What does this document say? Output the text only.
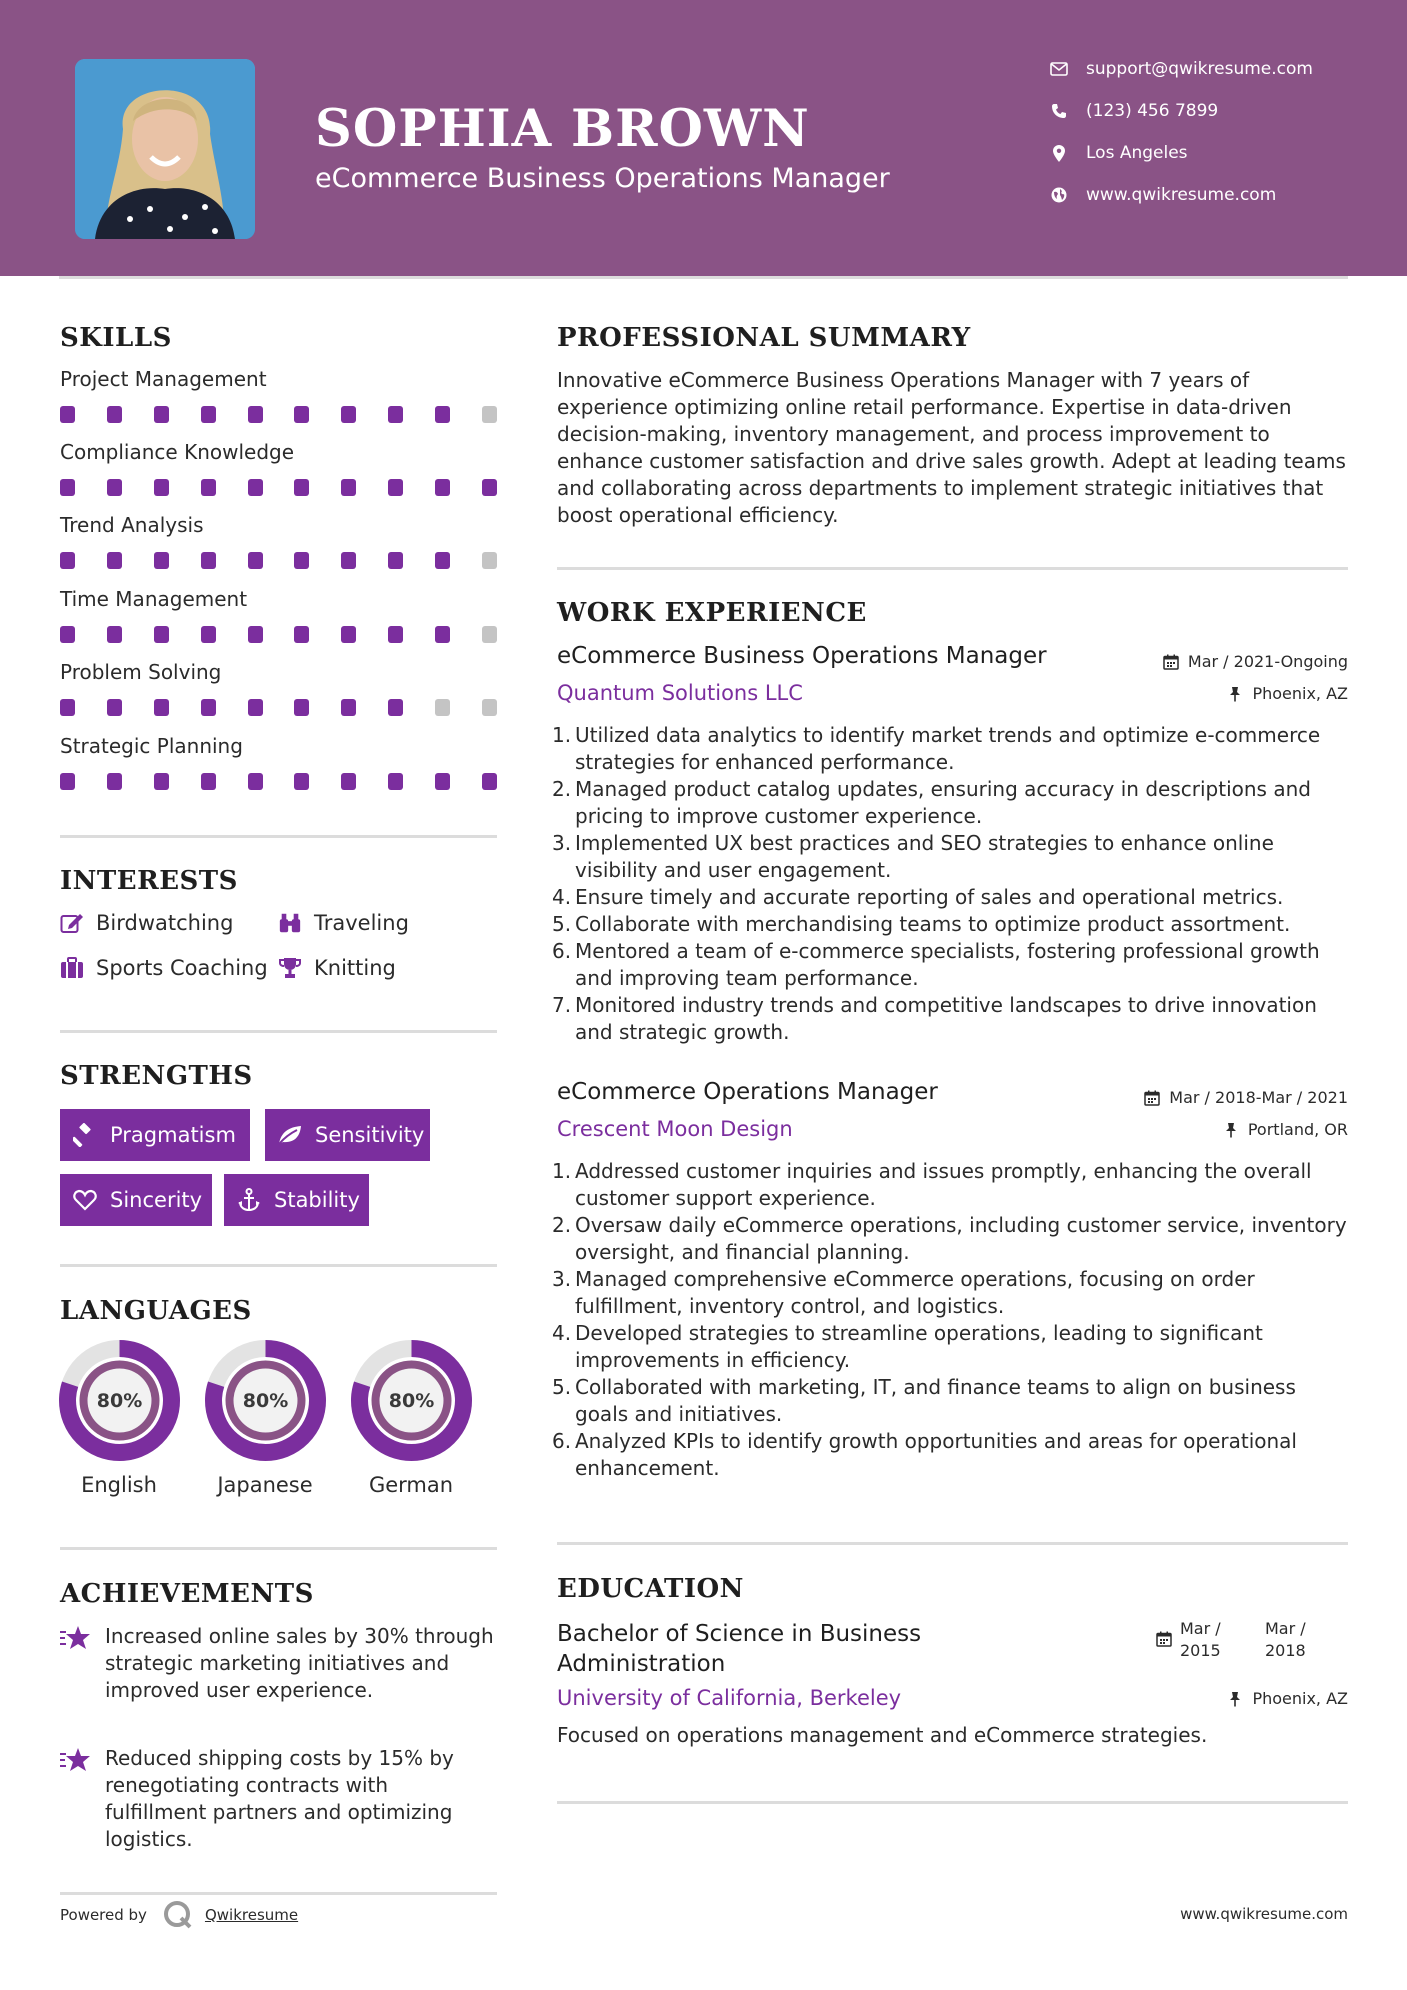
SOPHIA BROWN
eCommerce Business Operations Manager
support@qwikresume.com
(123) 456 7899
Los Angeles
www.qwikresume.com
SKILLS
Project Management
Compliance Knowledge
Trend Analysis
Time Management
Problem Solving
Strategic Planning
INTERESTS
Birdwatching	Traveling
Sports Coaching Knitting
STRENGTHS
Pragmatism	Sensitivity
Sincerity	Stability
LANGUAGES
80%
English
80%
Japanese
80%
German
ACHIEVEMENTS
Increased online sales by 30% through strategic marketing initiatives and improved user experience.
Reduced shipping costs by 15% by renegotiating contracts with fulfillment partners and optimizing logistics.
PROFESSIONAL SUMMARY
Innovative eCommerce Business Operations Manager with 7 years of experience optimizing online retail performance. Expertise in data-driven decision-making, inventory management, and process improvement to enhance customer satisfaction and drive sales growth. Adept at leading teams and collaborating across departments to implement strategic initiatives that boost operational efficiency.
WORK EXPERIENCE
eCommerce Business Operations Manager	Mar / 2021-Ongoing
Quantum Solutions LLC	Phoenix, AZ
1. Utilized data analytics to identify market trends and optimize e-commerce strategies for enhanced performance.
2. Managed product catalog updates, ensuring accuracy in descriptions and pricing to improve customer experience.
3. Implemented UX best practices and SEO strategies to enhance online visibility and user engagement.
4. Ensure timely and accurate reporting of sales and operational metrics.
5. Collaborate with merchandising teams to optimize product assortment.
6. Mentored a team of e-commerce specialists, fostering professional growth and improving team performance.
7. Monitored industry trends and competitive landscapes to drive innovation and strategic growth.
eCommerce Operations Manager	Mar / 2018-Mar / 2021
Crescent Moon Design	Portland, OR
1. Addressed customer inquiries and issues promptly, enhancing the overall customer support experience.
2. Oversaw daily eCommerce operations, including customer service, inventory oversight, and financial planning.
3. Managed comprehensive eCommerce operations, focusing on order fulfillment, inventory control, and logistics.
4. Developed strategies to streamline operations, leading to significant improvements in efficiency.
5. Collaborated with marketing, IT, and finance teams to align on business goals and initiatives.
6. Analyzed KPIs to identify growth opportunities and areas for operational enhancement.
EDUCATION
Bachelor of Science in Business Administration
Mar / 2015
Mar / 2018
University of California, Berkeley	Phoenix, AZ
Focused on operations management and eCommerce strategies.
Powered by	Qwikresume	www.qwikresume.com
